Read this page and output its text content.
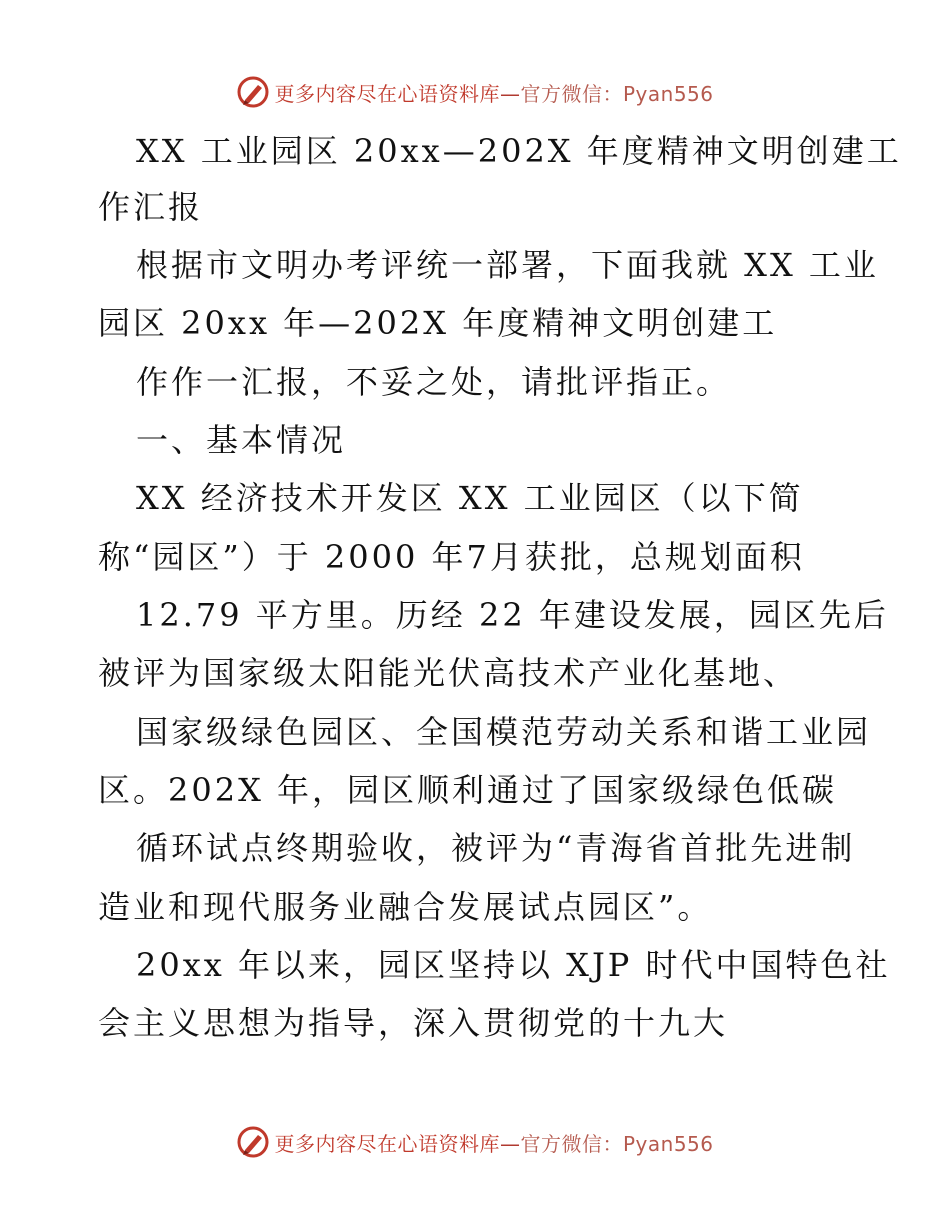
更多内容尽在心语资料库—官方微信：Pyan556
XX 工业园区 20xx—202X 年度精神文明创建工
作汇报
根据市文明办考评统一部署，下面我就 XX 工业
园区 20xx 年—202X 年度精神文明创建工
作作一汇报，不妥之处，请批评指正。
一、基本情况
XX 经济技术开发区 XX 工业园区（以下简
称“园区”）于 2000 年7月获批，总规划面积
12.79 平方里。历经 22 年建设发展，园区先后
被评为国家级太阳能光伏高技术产业化基地、
国家级绿色园区、全国模范劳动关系和谐工业园
区。202X 年，园区顺利通过了国家级绿色低碳
循环试点终期验收，被评为“青海省首批先进制
造业和现代服务业融合发展试点园区”。
20xx 年以来，园区坚持以 XJP 时代中国特色社
会主义思想为指导，深入贯彻党的十九大
更多内容尽在心语资料库—官方微信：Pyan556
